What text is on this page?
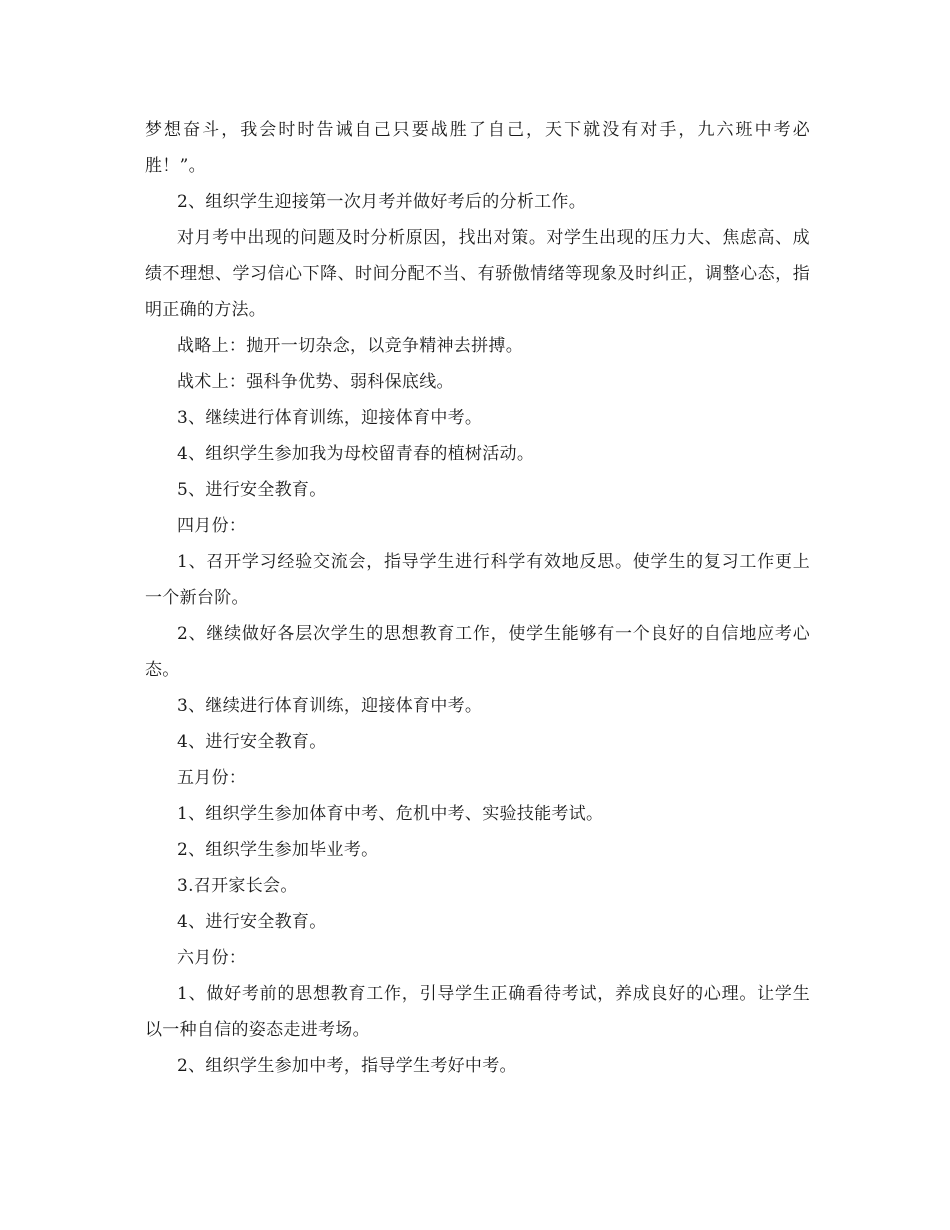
梦想奋斗，我会时时告诫自己只要战胜了自己，天下就没有对手，九六班中考必胜！”。

2、组织学生迎接第一次月考并做好考后的分析工作。

对月考中出现的问题及时分析原因，找出对策。对学生出现的压力大、焦虑高、成绩不理想、学习信心下降、时间分配不当、有骄傲情绪等现象及时纠正，调整心态，指明正确的方法。

战略上：抛开一切杂念，以竞争精神去拼搏。

战术上：强科争优势、弱科保底线。

3、继续进行体育训练，迎接体育中考。

4、组织学生参加我为母校留青春的植树活动。

5、进行安全教育。

四月份：

1、召开学习经验交流会，指导学生进行科学有效地反思。使学生的复习工作更上一个新台阶。

2、继续做好各层次学生的思想教育工作，使学生能够有一个良好的自信地应考心态。

3、继续进行体育训练，迎接体育中考。

4、进行安全教育。

五月份：

1、组织学生参加体育中考、危机中考、实验技能考试。

2、组织学生参加毕业考。

3.召开家长会。

4、进行安全教育。

六月份：

1、做好考前的思想教育工作，引导学生正确看待考试，养成良好的心理。让学生以一种自信的姿态走进考场。

2、组织学生参加中考，指导学生考好中考。
